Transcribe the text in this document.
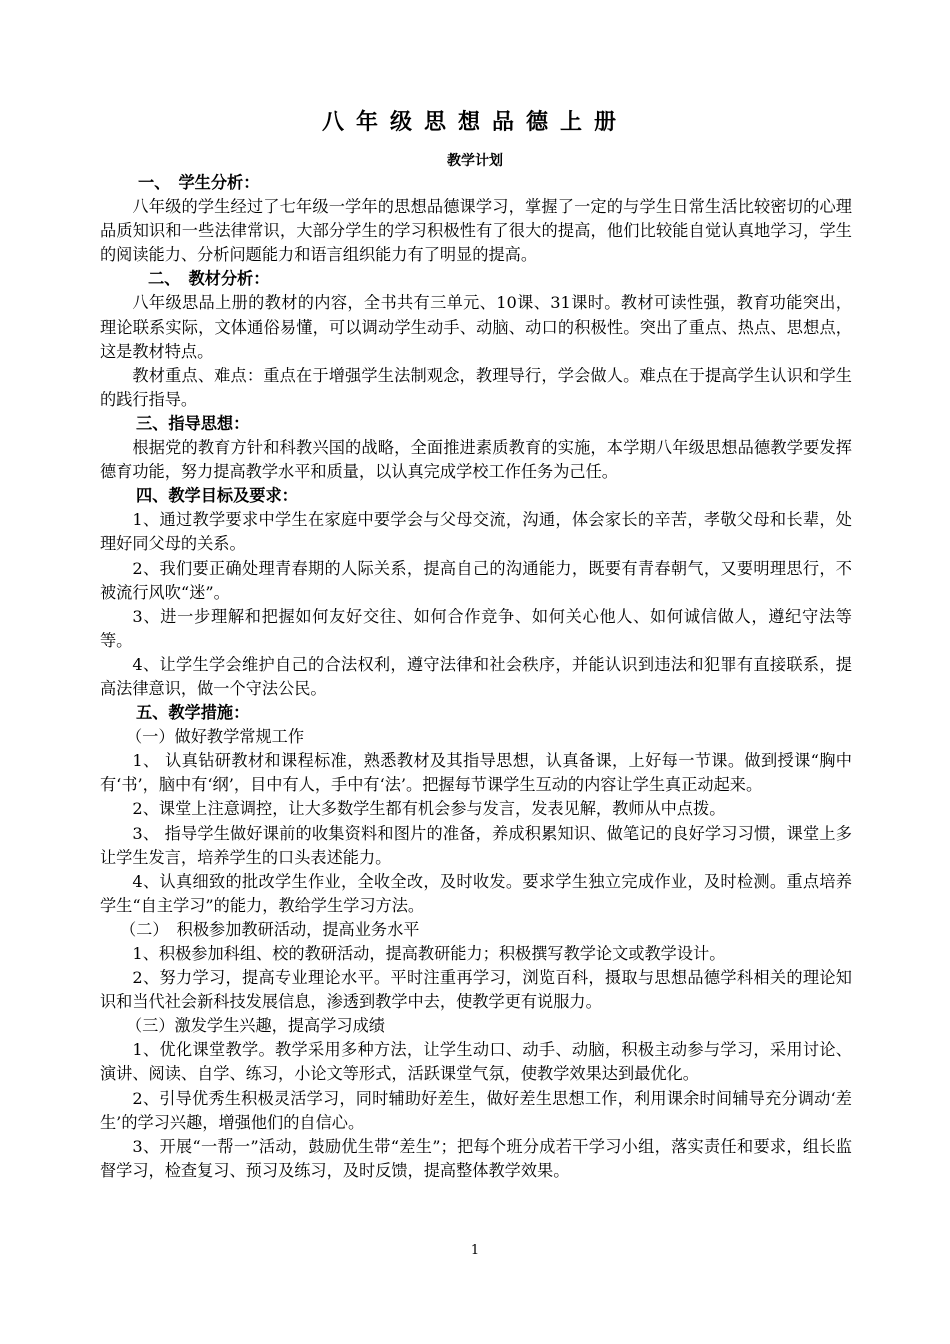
八年级思想品德上册
教学计划

一、　学生分析：

八年级的学生经过了七年级一学年的思想品德课学习，掌握了一定的与学生日常生活比较密切的心理品质知识和一些法律常识，大部分学生的学习积极性有了很大的提高，他们比较能自觉认真地学习，学生的阅读能力、分析问题能力和语言组织能力有了明显的提高。

二、　教材分析：

八年级思品上册的教材的内容，全书共有三单元、10课、31课时。教材可读性强，教育功能突出，理论联系实际，文体通俗易懂，可以调动学生动手、动脑、动口的积极性。突出了重点、热点、思想点，这是教材特点。

教材重点、难点：重点在于增强学生法制观念，教理导行，学会做人。难点在于提高学生认识和学生的践行指导。

三、指导思想：

根据党的教育方针和科教兴国的战略，全面推进素质教育的实施，本学期八年级思想品德教学要发挥德育功能，努力提高教学水平和质量，以认真完成学校工作任务为己任。

四、教学目标及要求：

1、通过教学要求中学生在家庭中要学会与父母交流，沟通，体会家长的辛苦，孝敬父母和长辈，处理好同父母的关系。

2、我们要正确处理青春期的人际关系，提高自己的沟通能力，既要有青春朝气，又要明理思行，不被流行风吹“迷”。

3、进一步理解和把握如何友好交往、如何合作竞争、如何关心他人、如何诚信做人，遵纪守法等等。

4、让学生学会维护自己的合法权利，遵守法律和社会秩序，并能认识到违法和犯罪有直接联系，提高法律意识，做一个守法公民。

五、教学措施：

（一）做好教学常规工作

1、 认真钻研教材和课程标准，熟悉教材及其指导思想，认真备课，上好每一节课。做到授课“胸中有‘书’，脑中有‘纲’，目中有人，手中有‘法’。把握每节课学生互动的内容让学生真正动起来。

2、课堂上注意调控，让大多数学生都有机会参与发言，发表见解，教师从中点拨。

3、 指导学生做好课前的收集资料和图片的准备，养成积累知识、做笔记的良好学习习惯，课堂上多让学生发言，培养学生的口头表述能力。

4、认真细致的批改学生作业，全收全改，及时收发。要求学生独立完成作业，及时检测。重点培养学生“自主学习”的能力，教给学生学习方法。

（二）　积极参加教研活动，提高业务水平

1、积极参加科组、校的教研活动，提高教研能力；积极撰写教学论文或教学设计。

2、努力学习，提高专业理论水平。平时注重再学习，浏览百科，摄取与思想品德学科相关的理论知识和当代社会新科技发展信息，渗透到教学中去，使教学更有说服力。

（三）激发学生兴趣，提高学习成绩

1、优化课堂教学。教学采用多种方法，让学生动口、动手、动脑，积极主动参与学习，采用讨论、演讲、阅读、自学、练习，小论文等形式，活跃课堂气氛，使教学效果达到最优化。

2、引导优秀生积极灵活学习，同时辅助好差生，做好差生思想工作，利用课余时间辅导充分调动‘差生’的学习兴趣，增强他们的自信心。

3、开展“一帮一”活动，鼓励优生带“差生”；把每个班分成若干学习小组，落实责任和要求，组长监督学习，检查复习、预习及练习，及时反馈，提高整体教学效果。

1
